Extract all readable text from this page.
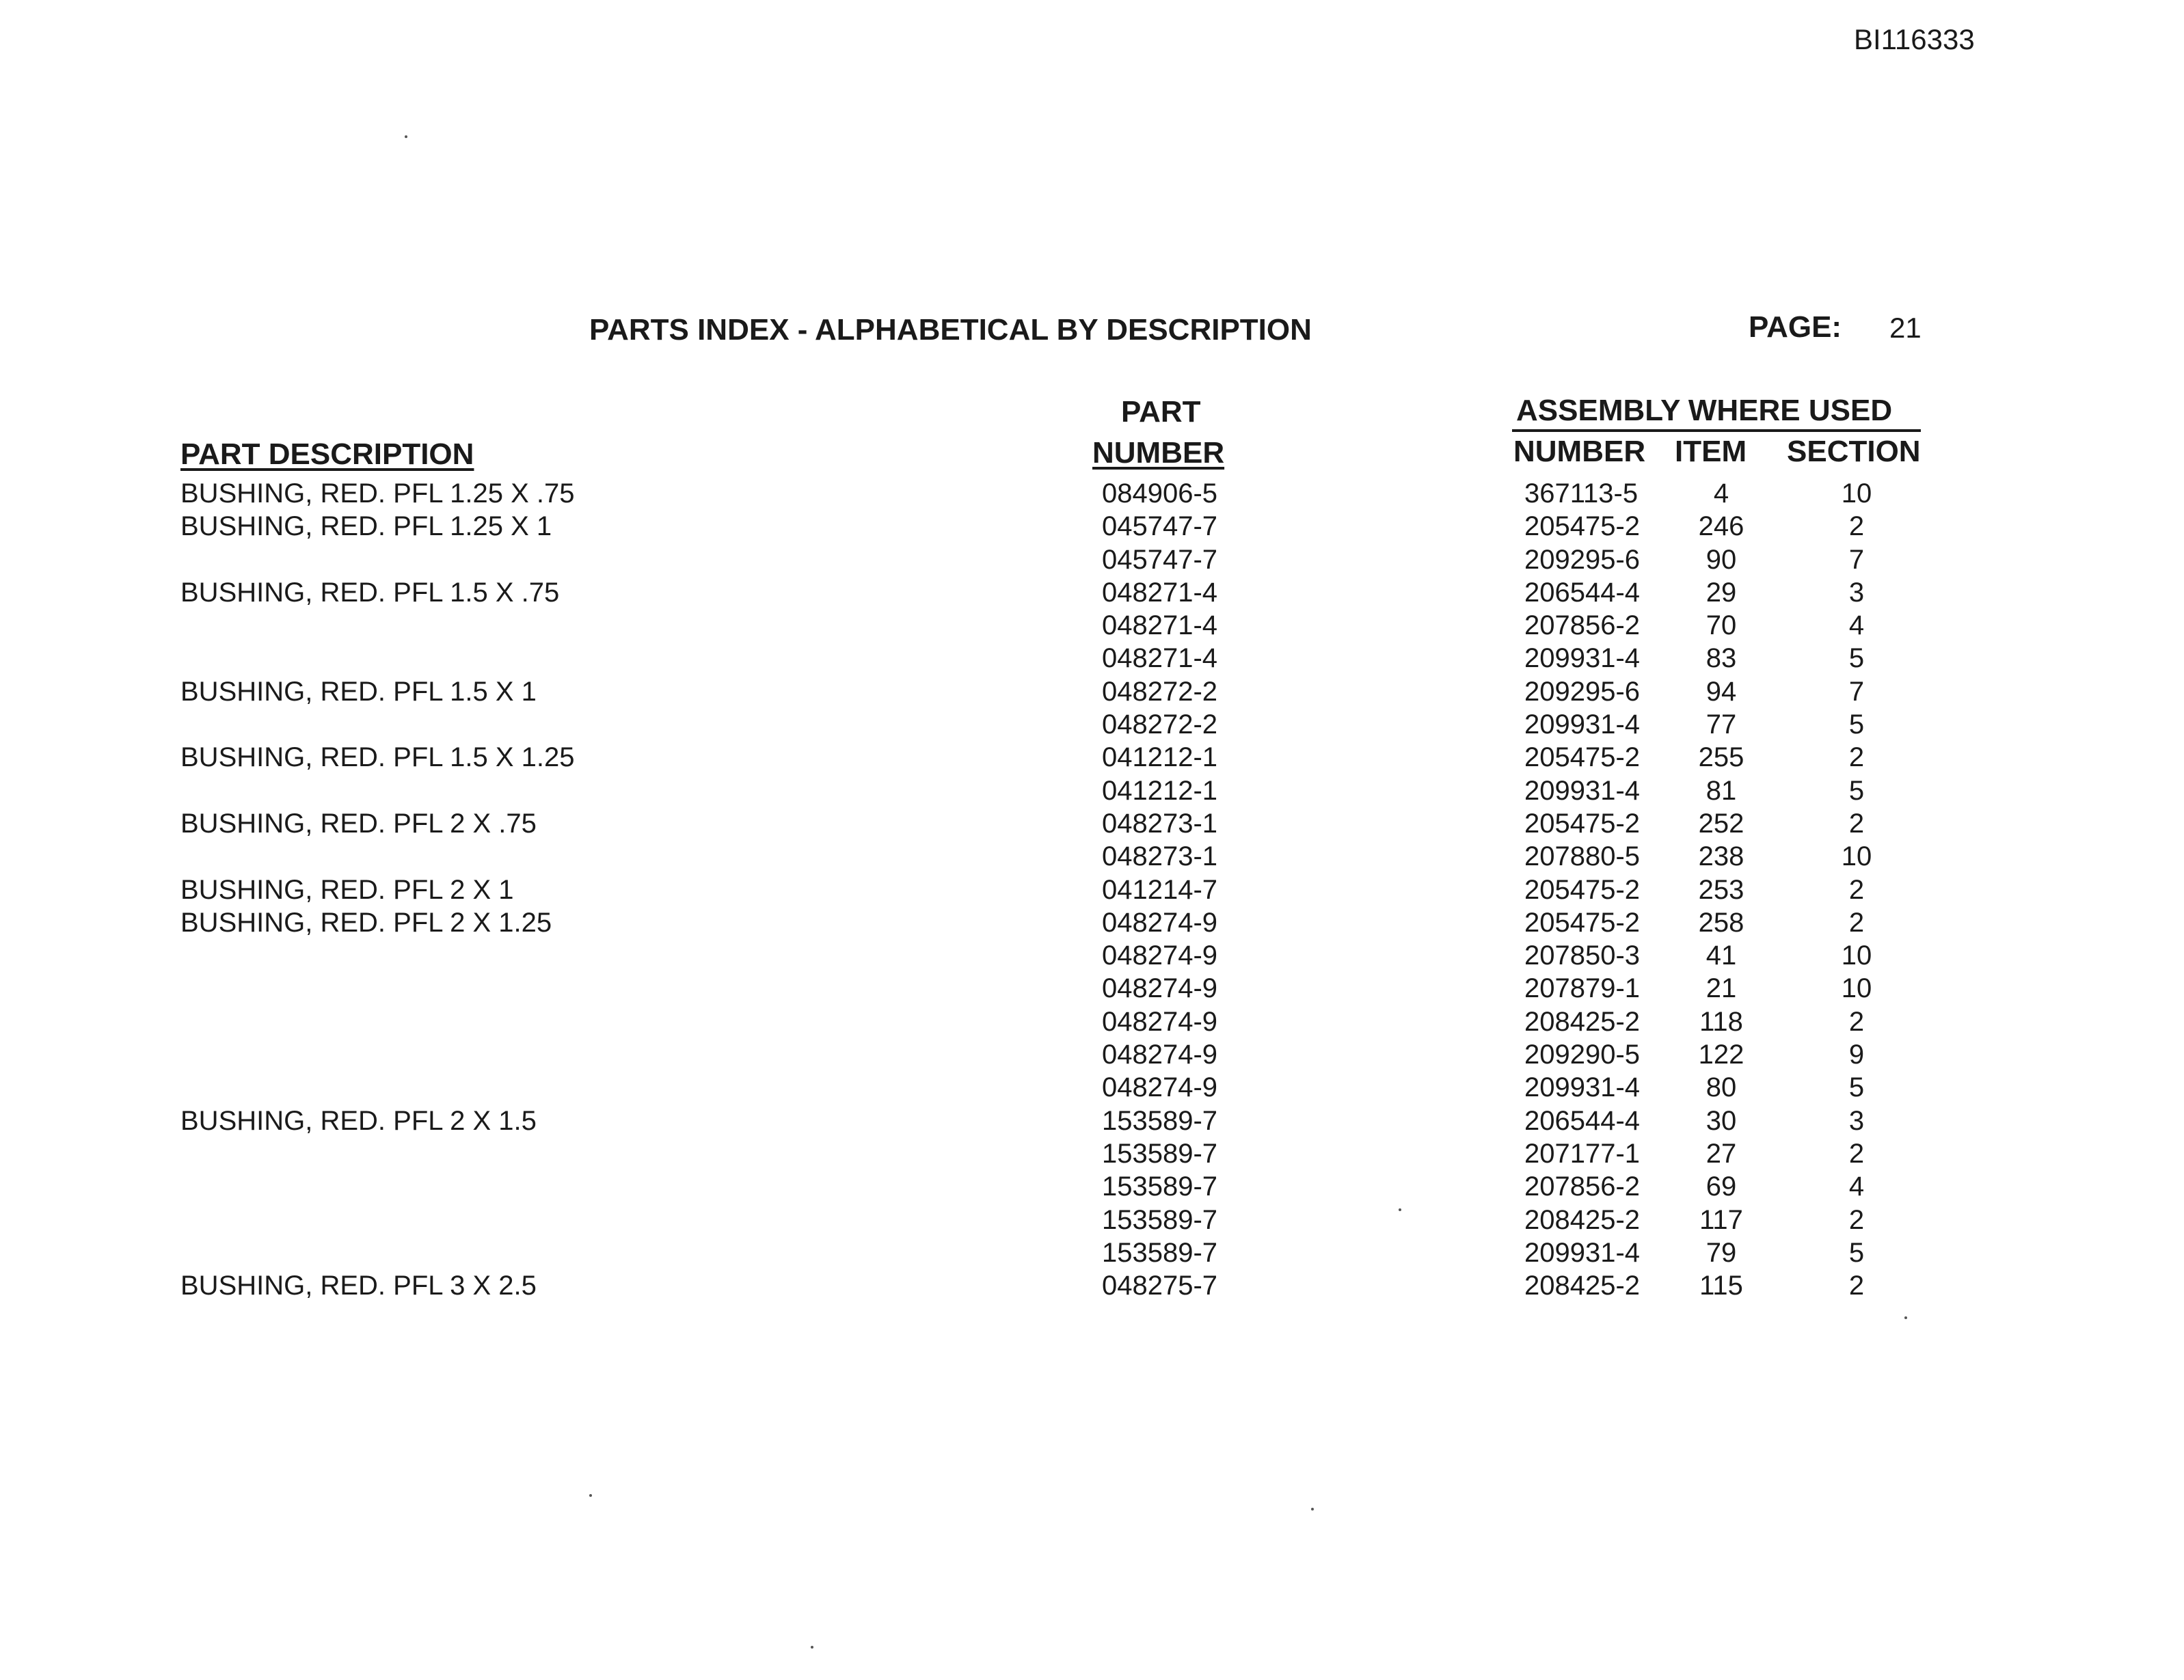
BI116333
PARTS INDEX - ALPHABETICAL BY DESCRIPTION	PAGE: 21
PART DESCRIPTION
PART
NUMBER
ASSEMBLY WHERE USED
NUMBER ITEM SECTION
BUSHING, RED. PFL 1.25 X .75	084906-5	367113-5	4	10
BUSHING, RED. PFL 1.25 X 1	045747-7	205475-2 246	2
045747-7	209295-6 90	7
BUSHING, RED. PFL 1.5 X .75	048271-4	206544-4 29	3
048271-4	207856-2 70	4
048271-4	209931-4 83	5
BUSHING, RED. PFL 1.5 X 1	048272-2	209295-6 94	7
048272-2	209931-4 77	5
BUSHING, RED. PFL 1.5 X 1.25	041212-1	205475-2 255	2
041212-1	209931-4 81	5
BUSHING, RED. PFL 2 X .75	048273-1	205475-2 252	2
048273-1	207880-5 238	10
BUSHING, RED. PFL 2 X 1	041214-7	205475-2 253	2
BUSHING, RED. PFL 2 X 1.25	048274-9	205475-2 258	2
048274-9	207850-3 41	10
048274-9	207879-1 21	10
048274-9	208425-2 118	2
048274-9	209290-5 122	9
048274-9	209931-4 80	5
BUSHING, RED. PFL 2 X 1.5	153589-7	206544-4 30	3
153589-7	207177-1 27	2
153589-7	207856-2 69	4
153589-7	208425-2 117	2
153589-7	209931-4 79	5
BUSHING, RED. PFL 3 X 2.5	048275-7	208425-2 115	2
